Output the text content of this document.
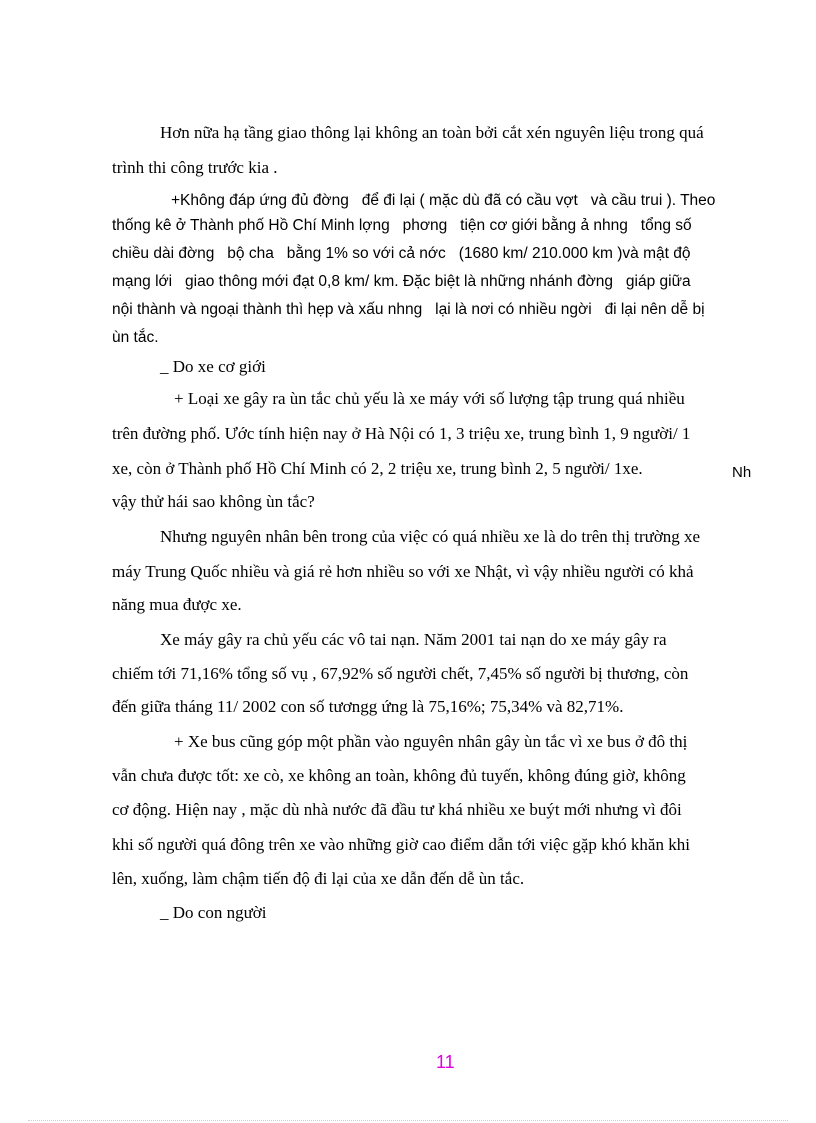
Hơn nữa hạ tầng giao thông lại không an toàn bởi cắt xén nguyên liệu trong quá
trình thi công trước kia .
+Không đáp ứng đủ đờng   để đi lại ( mặc dù đã có cầu vợt   và cầu trui ). Theo
thống kê ở Thành phố Hồ Chí Minh lợng   phơng   tiện cơ giới bằng ả nhng   tổng số
chiều dài đờng   bộ cha   bằng 1% so với cả nớc   (1680 km/ 210.000 km )và mật độ
mạng lới   giao thông mới đạt 0,8 km/ km. Đặc biệt là những nhánh đờng   giáp giữa
nội thành và ngoại thành thì hẹp và xấu nhng   lại là nơi có nhiều ngời   đi lại nên dễ bị
ùn tắc.
_ Do xe cơ giới
+ Loại xe gây ra ùn tắc chủ yếu là xe máy với số lượng tập trung quá nhiều
trên đường phố. Ước tính hiện nay ở Hà Nội có 1, 3 triệu xe, trung bình 1, 9 người/ 1
xe, còn ở Thành phố Hồ Chí Minh có 2, 2 triệu xe, trung bình 2, 5 người/ 1xe.	Nh
vậy thử hái sao không ùn tắc?
Nhưng nguyên nhân bên trong của việc có quá nhiều xe là do trên thị trường xe
máy Trung Quốc nhiều và giá rẻ hơn nhiều so với xe Nhật, vì vậy nhiều người có khả
năng mua được xe.
Xe máy gây ra chủ yếu các vô tai nạn. Năm 2001 tai nạn do xe máy gây ra
chiếm tới 71,16% tổng số vụ , 67,92% số người chết, 7,45% số người bị thương, còn
đến giữa tháng 11/ 2002 con số tươngg ứng là 75,16%; 75,34% và 82,71%.
+ Xe bus cũng góp một phần vào nguyên nhân gây ùn tắc vì xe bus ở đô thị
vẫn chưa được tốt: xe cò, xe không an toàn, không đủ tuyến, không đúng giờ, không
cơ động. Hiện nay , mặc dù nhà nước đã đầu tư khá nhiều xe buýt mới nhưng vì đôi
khi số người quá đông trên xe vào những giờ cao điểm dẫn tới việc gặp khó khăn khi
lên, xuống, làm chậm tiến độ đi lại của xe dẫn đến dễ ùn tắc.
_ Do con người
11
